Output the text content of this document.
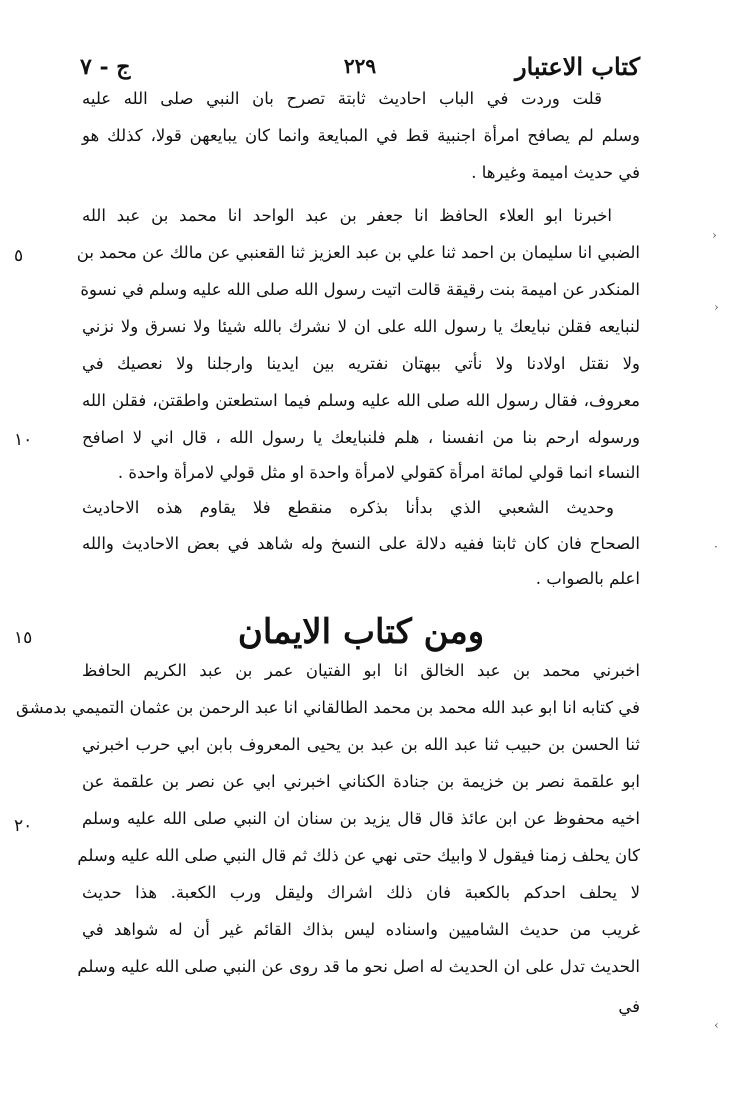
كتاب الاعتبار
٢٢٩
ج - ٧
قلت وردت في الباب احاديث ثابتة تصرح بان النبي صلى الله عليه
وسلم لم يصافح امرأة اجنبية قط في المبايعة وانما كان يبايعهن قولا، كذلك هو
في حديث اميمة وغيرها .
اخبرنا ابو العلاء الحافظ انا جعفر بن عبد الواحد انا محمد بن عبد الله
الضبي انا سليمان بن احمد ثنا علي بن عبد العزيز ثنا القعنبي عن مالك عن محمد بن
المنكدر عن اميمة بنت رقيقة قالت اتيت رسول الله صلى الله عليه وسلم في نسوة
لنبايعه فقلن نبايعك يا رسول الله على ان لا نشرك بالله شيئا ولا نسرق ولا نزني
ولا نقتل اولادنا ولا نأتي ببهتان نفتريه بين ايدينا وارجلنا ولا نعصيك في
معروف، فقال رسول الله صلى الله عليه وسلم فيما استطعتن واطقتن، فقلن الله
ورسوله ارحم بنا من انفسنا ، هلم فلنبايعك يا رسول الله ، قال اني لا اصافح
النساء انما قولي لمائة امرأة كقولي لامرأة واحدة او مثل قولي لامرأة واحدة .
وحديث الشعبي الذي بدأنا بذكره منقطع فلا يقاوم هذه الاحاديث
الصحاح فان كان ثابتا ففيه دلالة على النسخ وله شاهد في بعض الاحاديث والله
اعلم بالصواب .
ومن كتاب الايمان
اخبرني محمد بن عبد الخالق انا ابو الفتيان عمر بن عبد الكريم الحافظ
في كتابه انا ابو عبد الله محمد بن محمد الطالقاني انا عبد الرحمن بن عثمان التميمي بدمشق
ثنا الحسن بن حبيب ثنا عبد الله بن عبد بن يحيى المعروف بابن ابي حرب اخبرني
ابو علقمة نصر بن خزيمة بن جنادة الكناني اخبرني ابي عن نصر بن علقمة عن
اخيه محفوظ عن ابن عائذ قال قال يزيد بن سنان ان النبي صلى الله عليه وسلم
كان يحلف زمنا فيقول لا وابيك حتى نهي عن ذلك ثم قال النبي صلى الله عليه وسلم
لا يحلف احدكم بالكعبة فان ذلك اشراك وليقل ورب الكعبة. هذا حديث
غريب من حديث الشاميين واسناده ليس بذاك القائم غير أن له شواهد في
الحديث تدل على ان الحديث له اصل نحو ما قد روى عن النبي صلى الله عليه وسلم
في
٥
١٠
١٥
٢٠
›
›
·
‹
